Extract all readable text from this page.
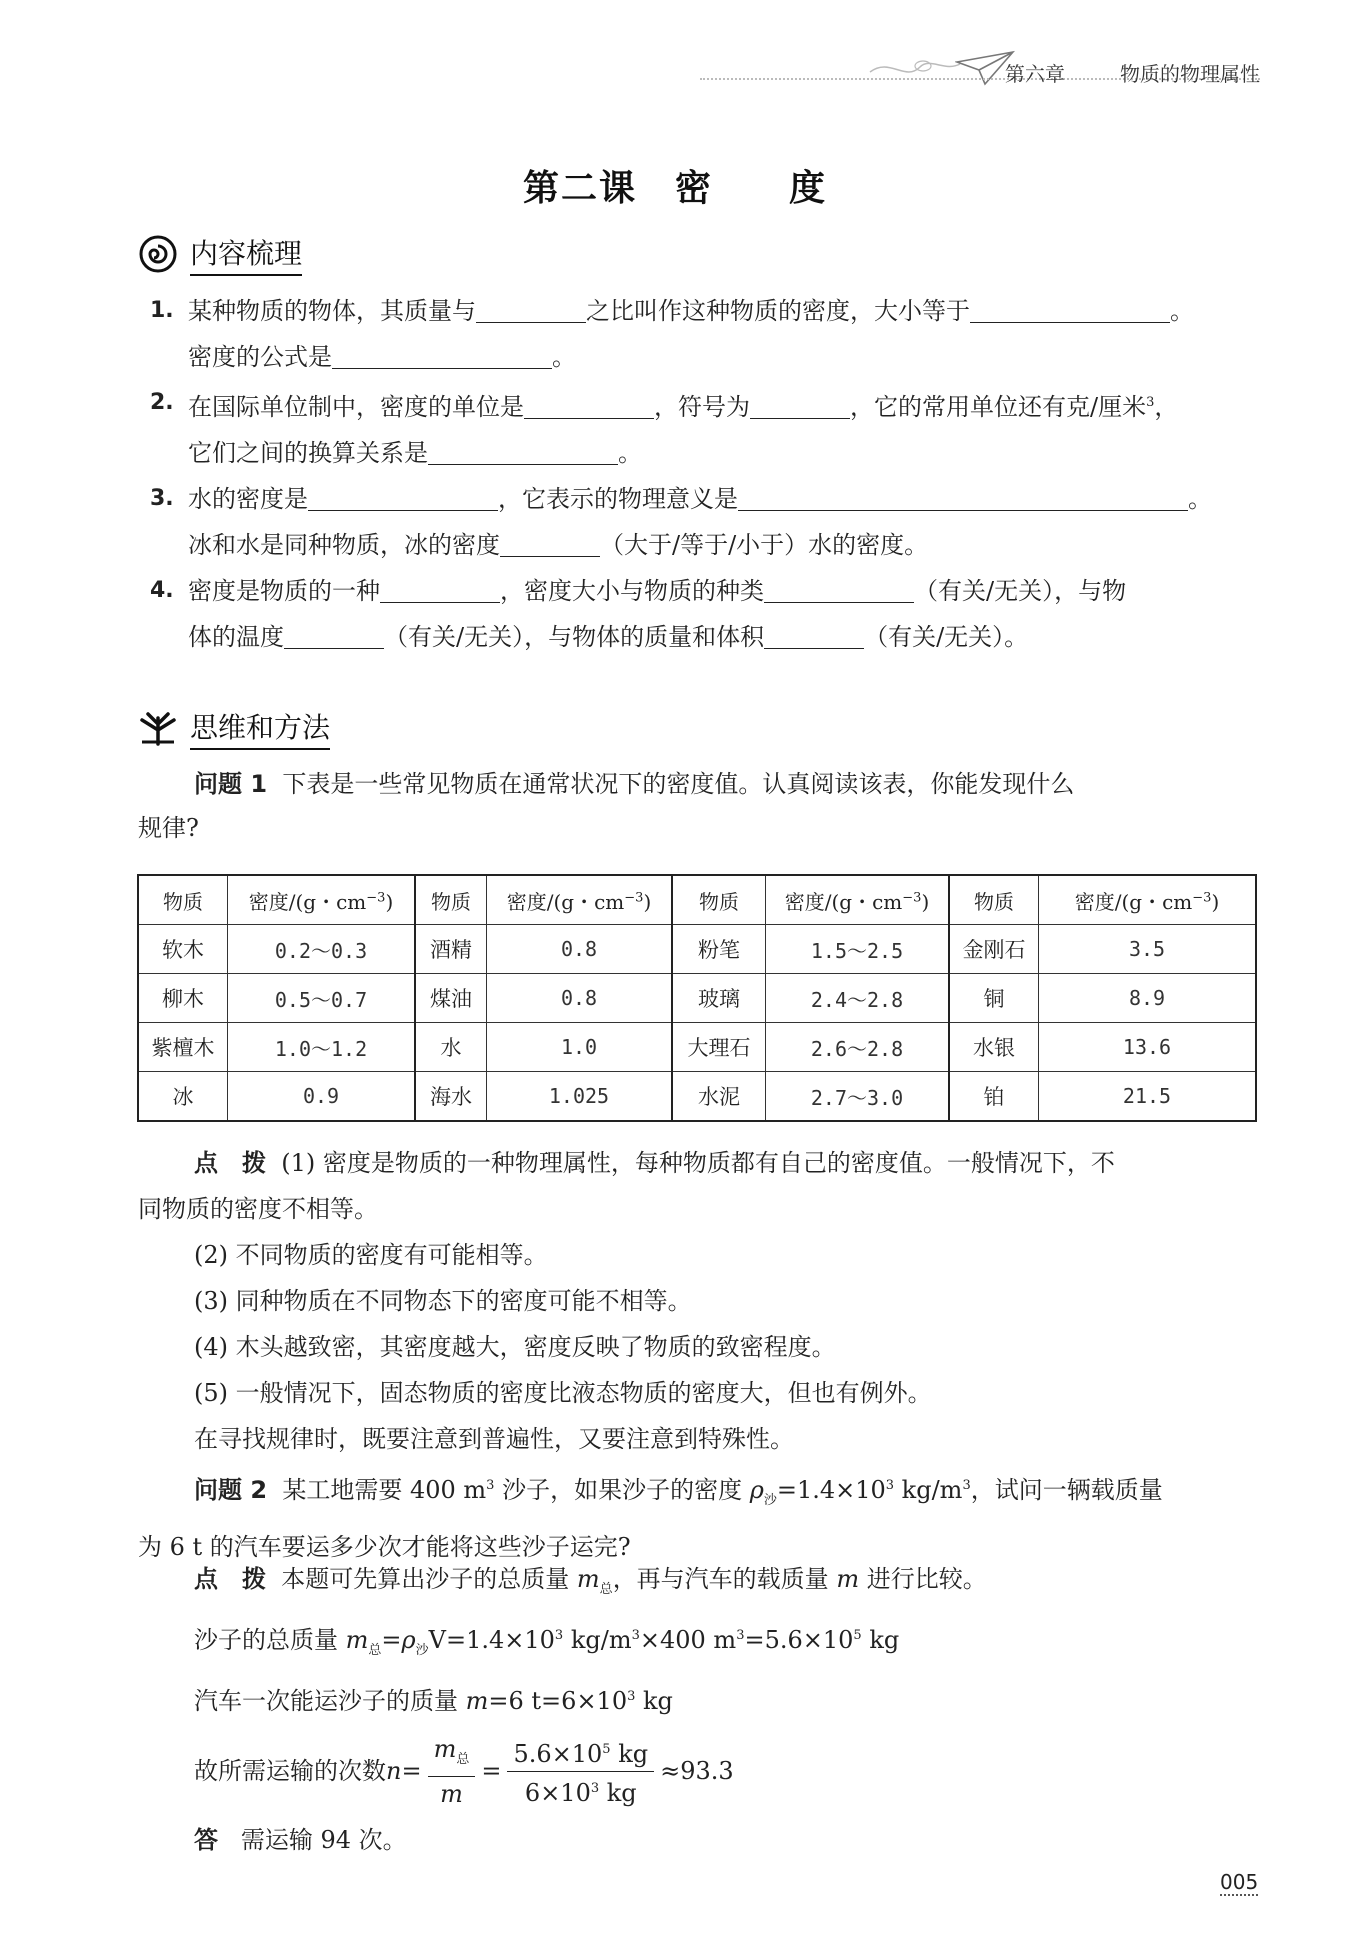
第六章	物质的物理属性
第二课　密　　度
内容梳理
1. 某种物质的物体，其质量与	之比叫作这种物质的密度，大小等于	。
密度的公式是	。
2. 在国际单位制中，密度的单位是	，符号为	，它的常用单位还有克/厘米$^3$，
它们之间的换算关系是	。
3. 水的密度是	，它表示的物理意义是	。
冰和水是同种物质，冰的密度	（大于/等于/小于）水的密度。
4. 密度是物质的一种	，密度大小与物质的种类	（有关/无关），与物
体的温度	（有关/无关），与物体的质量和体积	（有关/无关）。
思维和方法
问题 1 下表是一些常见物质在通常状况下的密度值。认真阅读该表，你能发现什么
规律?
物质	密度/(g・$cm^{-3}$)	物质	密度/(g・$cm^{-3}$)	物质	密度/(g・$cm^{-3}$)	物质	密度/(g・$cm^{-3}$)
软木	0.2～0.3	酒精	0.8	粉笔	1.5～2.5	金刚石	3.5
柳木	0.5～0.7	煤油	0.8	玻璃	2.4～2.8	铜	8.9
紫檀木	1.0～1.2	水	1.0	大理石	2.6～2.8	水银	13.6
冰	0.9	海水	1.025	水泥	2.7～3.0	铂	21.5
点　拨 (1) 密度是物质的一种物理属性，每种物质都有自己的密度值。一般情况下，不
同物质的密度不相等。
(2) 不同物质的密度有可能相等。
(3) 同种物质在不同物态下的密度可能不相等。
(4) 木头越致密，其密度越大，密度反映了物质的致密程度。
(5) 一般情况下，固态物质的密度比液态物质的密度大，但也有例外。
在寻找规律时，既要注意到普遍性，又要注意到特殊性。
问题 2 某工地需要 400 $m^3$ 沙子，如果沙子的密度 $\rho_沙=1.4\times 10^3$ $kg/m^3$，试问一辆载质量
为 6 t 的汽车要运多少次才能将这些沙子运完?
点　拨 本题可先算出沙子的总质量 $m_总$，再与汽车的载质量 m 进行比较。
沙子的总质量 $m_总=\rho_沙V=1.4\times 10^3$ $kg/m^3\times 400$ $m^3=5.6\times 10^5$ kg
汽车一次能运沙子的质量 m=6 $t=6\times 10^3$ kg
故所需运输的次数 $n = \frac{m_总}{m} = \frac{5.6\times 10^5 kg}{6\times 10^3 kg} \approx 93.3$
答 需运输 94 次。
005
